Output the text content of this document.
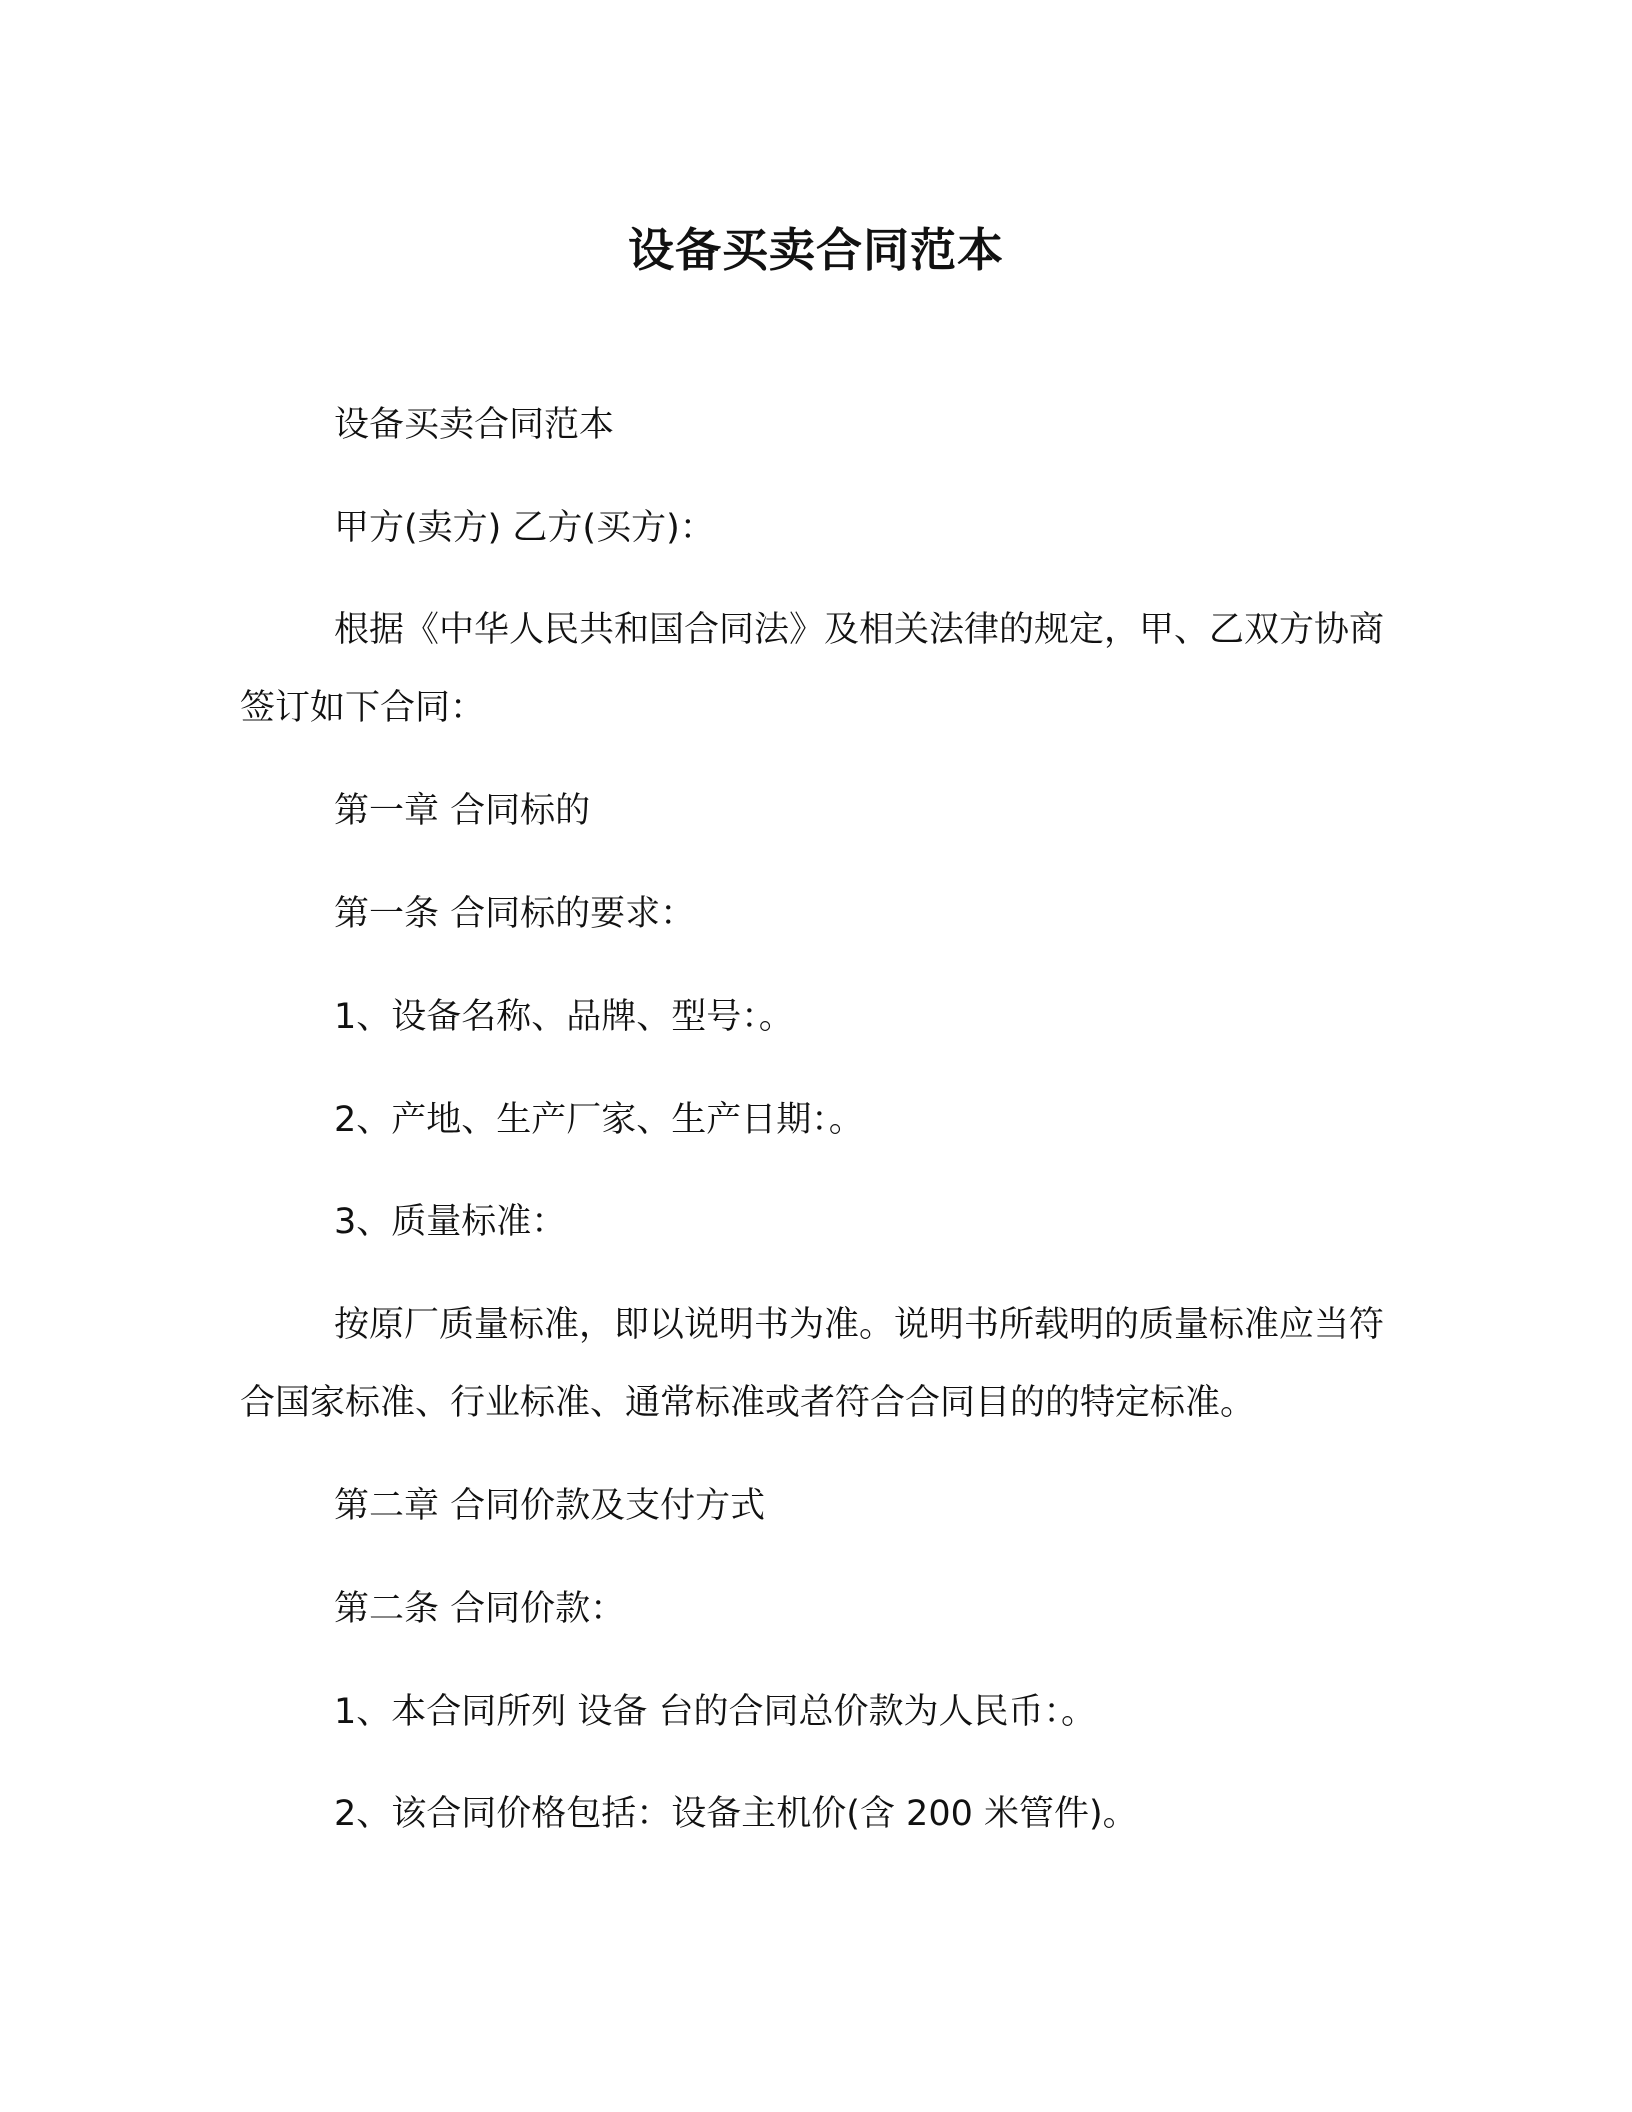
设备买卖合同范本
设备买卖合同范本
甲方(卖方) 乙方(买方)：
根据《中华人民共和国合同法》及相关法律的规定，甲、乙双方协商签订如下合同：
第一章 合同标的
第一条 合同标的要求：
1、设备名称、品牌、型号：。
2、产地、生产厂家、生产日期：。
3、质量标准：
按原厂质量标准，即以说明书为准。说明书所载明的质量标准应当符合国家标准、行业标准、通常标准或者符合合同目的的特定标准。
第二章 合同价款及支付方式
第二条 合同价款：
1、本合同所列 设备 台的合同总价款为人民币：。
2、该合同价格包括：设备主机价(含 200 米管件)。
